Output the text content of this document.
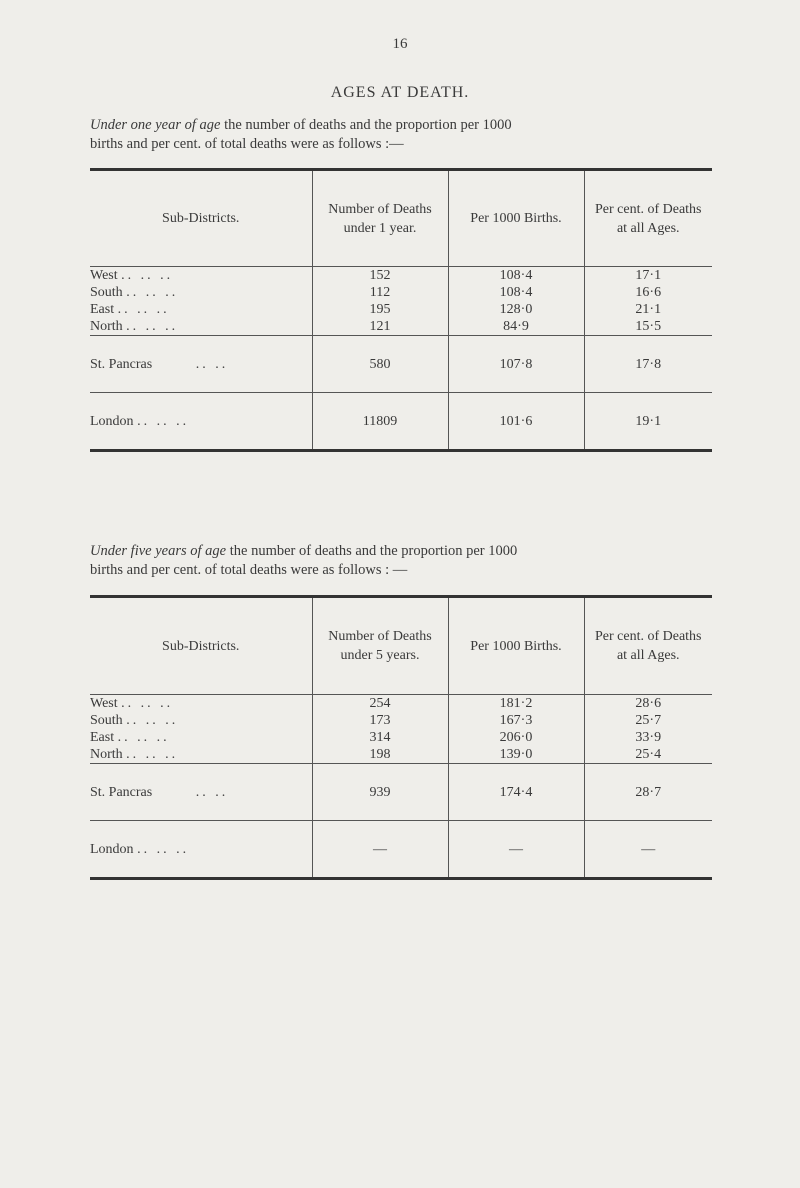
16
AGES AT DEATH.
Under one year of age the number of deaths and the proportion per 1000
births and per cent. of total deaths were as follows :—
Sub-Districts.	Number of Deaths under 1 year.	Per 1000 Births.	Per cent. of Deaths at all Ages.
West .. .. ..	152	108·4	17·1
South .. .. ..	112	108·4	16·6
East .. .. ..	195	128·0	21·1
North .. .. ..	121	84·9	15·5
St. Pancras .. ..	580	107·8	17·8
London .. .. ..	11809	101·6	19·1
Under five years of age the number of deaths and the proportion per 1000
births and per cent. of total deaths were as follows : —
Sub-Districts.	Number of Deaths under 5 years.	Per 1000 Births.	Per cent. of Deaths at all Ages.
West .. .. ..	254	181·2	28·6
South .. .. ..	173	167·3	25·7
East .. .. ..	314	206·0	33·9
North .. .. ..	198	139·0	25·4
St. Pancras .. ..	939	174·4	28·7
London .. .. ..	—	—	—
